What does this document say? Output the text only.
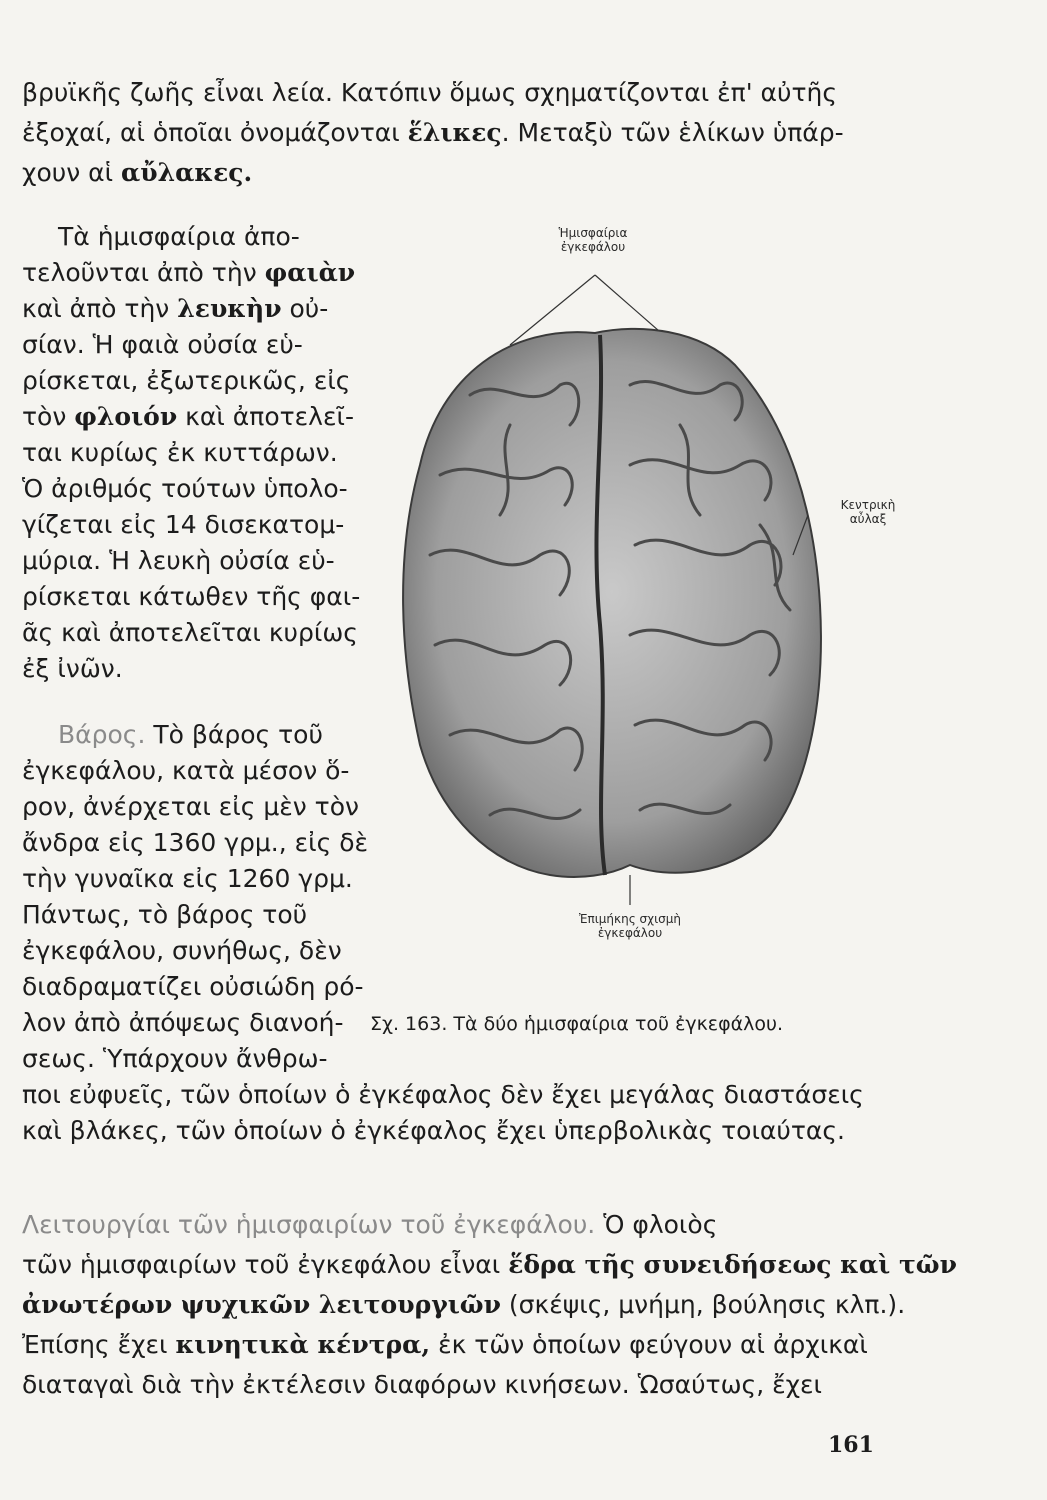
βρυϊκῆς ζωῆς εἶναι λεία. Κατόπιν ὅμως σχηματίζονται ἐπ' αὐτῆς
ἐξοχαί, αἱ ὁποῖαι ὀνομάζονται ἕλικες. Μεταξὺ τῶν ἑλίκων ὑπάρ-
χουν αἱ αὔλακες.
Τὰ ἡμισφαίρια ἀπο-
τελοῦνται ἀπὸ τὴν φαιὰν
καὶ ἀπὸ τὴν λευκὴν οὐ-
σίαν. Ἡ φαιὰ οὐσία εὑ-
ρίσκεται, ἐξωτερικῶς, εἰς
τὸν φλοιόν καὶ ἀποτελεῖ-
ται κυρίως ἐκ κυττάρων.
Ὁ ἀριθμός τούτων ὑπολο-
γίζεται εἰς 14 δισεκατομ-
μύρια. Ἡ λευκὴ οὐσία εὑ-
ρίσκεται κάτωθεν τῆς φαι-
ᾶς καὶ ἀποτελεῖται κυρίως
ἐξ ἰνῶν.
Βάρος. Τὸ βάρος τοῦ
ἐγκεφάλου, κατὰ μέσον ὅ-
ρον, ἀνέρχεται εἰς μὲν τὸν
ἄνδρα εἰς 1360 γρμ., εἰς δὲ
τὴν γυναῖκα εἰς 1260 γρμ.
Πάντως, τὸ βάρος τοῦ
ἐγκεφάλου, συνήθως, δὲν
διαδραματίζει οὐσιώδη ρό-
λον ἀπὸ ἀπόψεως διανοή-
σεως. Ὑπάρχουν ἄνθρω-
ποι εὐφυεῖς, τῶν ὁποίων ὁ ἐγκέφαλος δὲν ἔχει μεγάλας διαστάσεις
καὶ βλάκες, τῶν ὁποίων ὁ ἐγκέφαλος ἔχει ὑπερβολικὰς τοιαύτας.
Ἡμισφαίρια
ἐγκεφάλου
Κεντρικὴ
αὖλαξ
Ἐπιμήκης σχισμὴ
ἐγκεφάλου
Σχ. 163. Τὰ δύο ἡμισφαίρια τοῦ ἐγκεφάλου.
Λειτουργίαι τῶν ἡμισφαιρίων τοῦ ἐγκεφάλου. Ὁ φλοιὸς
τῶν ἡμισφαιρίων τοῦ ἐγκεφάλου εἶναι ἕδρα τῆς συνειδήσεως καὶ τῶν
ἀνωτέρων ψυχικῶν λειτουργιῶν (σκέψις, μνήμη, βούλησις κλπ.).
Ἐπίσης ἔχει κινητικὰ κέντρα, ἐκ τῶν ὁποίων φεύγουν αἱ ἀρχικαὶ
διαταγαὶ διὰ τὴν ἐκτέλεσιν διαφόρων κινήσεων. Ὡσαύτως, ἔχει
161
